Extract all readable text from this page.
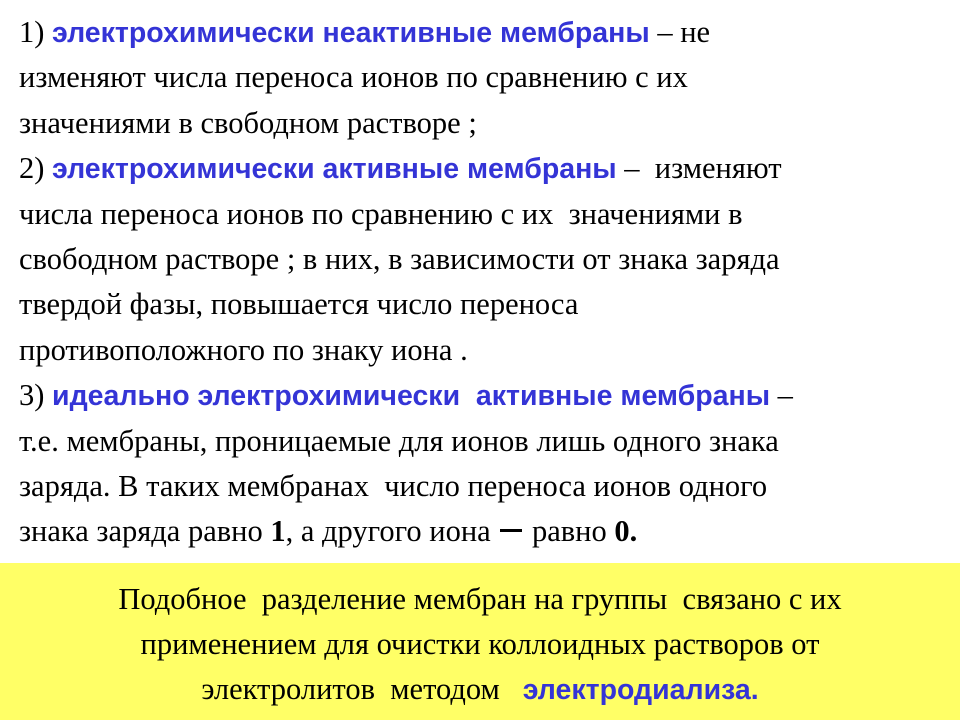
1) электрохимически неактивные мембраны – не
изменяют числа переноса ионов по сравнению с их
значениями в свободном растворе ;
2) электрохимически активные мембраны –  изменяют
числа переноса ионов по сравнению с их  значениями в
свободном растворе ; в них, в зависимости от знака заряда
твердой фазы, повышается число переноса
противоположного по знаку иона .
3) идеально электрохимически  активные мембраны –
т.е. мембраны, проницаемые для ионов лишь одного знака
заряда. В таких мембранах  число переноса ионов одного
знака заряда равно 1, а другого иона  равно 0.
Подобное  разделение мембран на группы  связано с их
применением для очистки коллоидных растворов от
электролитов  методом   электродиализа.
